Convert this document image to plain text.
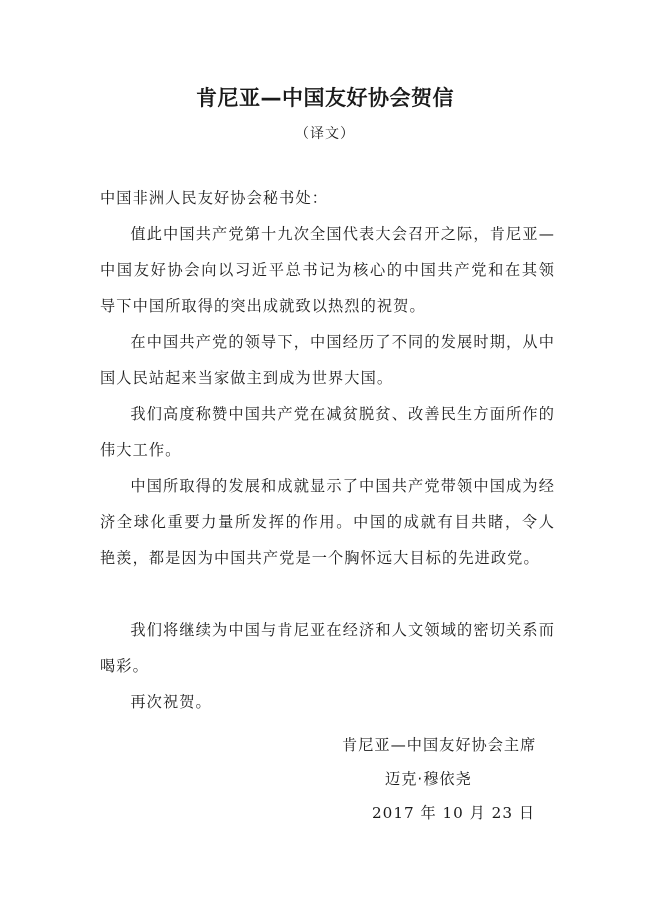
肯尼亚—中国友好协会贺信
（译文）
中国非洲人民友好协会秘书处：

值此中国共产党第十九次全国代表大会召开之际，肯尼亚—中国友好协会向以习近平总书记为核心的中国共产党和在其领导下中国所取得的突出成就致以热烈的祝贺。

在中国共产党的领导下，中国经历了不同的发展时期，从中国人民站起来当家做主到成为世界大国。

我们高度称赞中国共产党在减贫脱贫、改善民生方面所作的伟大工作。

中国所取得的发展和成就显示了中国共产党带领中国成为经济全球化重要力量所发挥的作用。中国的成就有目共睹，令人艳羡，都是因为中国共产党是一个胸怀远大目标的先进政党。

我们将继续为中国与肯尼亚在经济和人文领域的密切关系而喝彩。

再次祝贺。

肯尼亚—中国友好协会主席
迈克·穆依尧
2017 年 10 月 23 日
